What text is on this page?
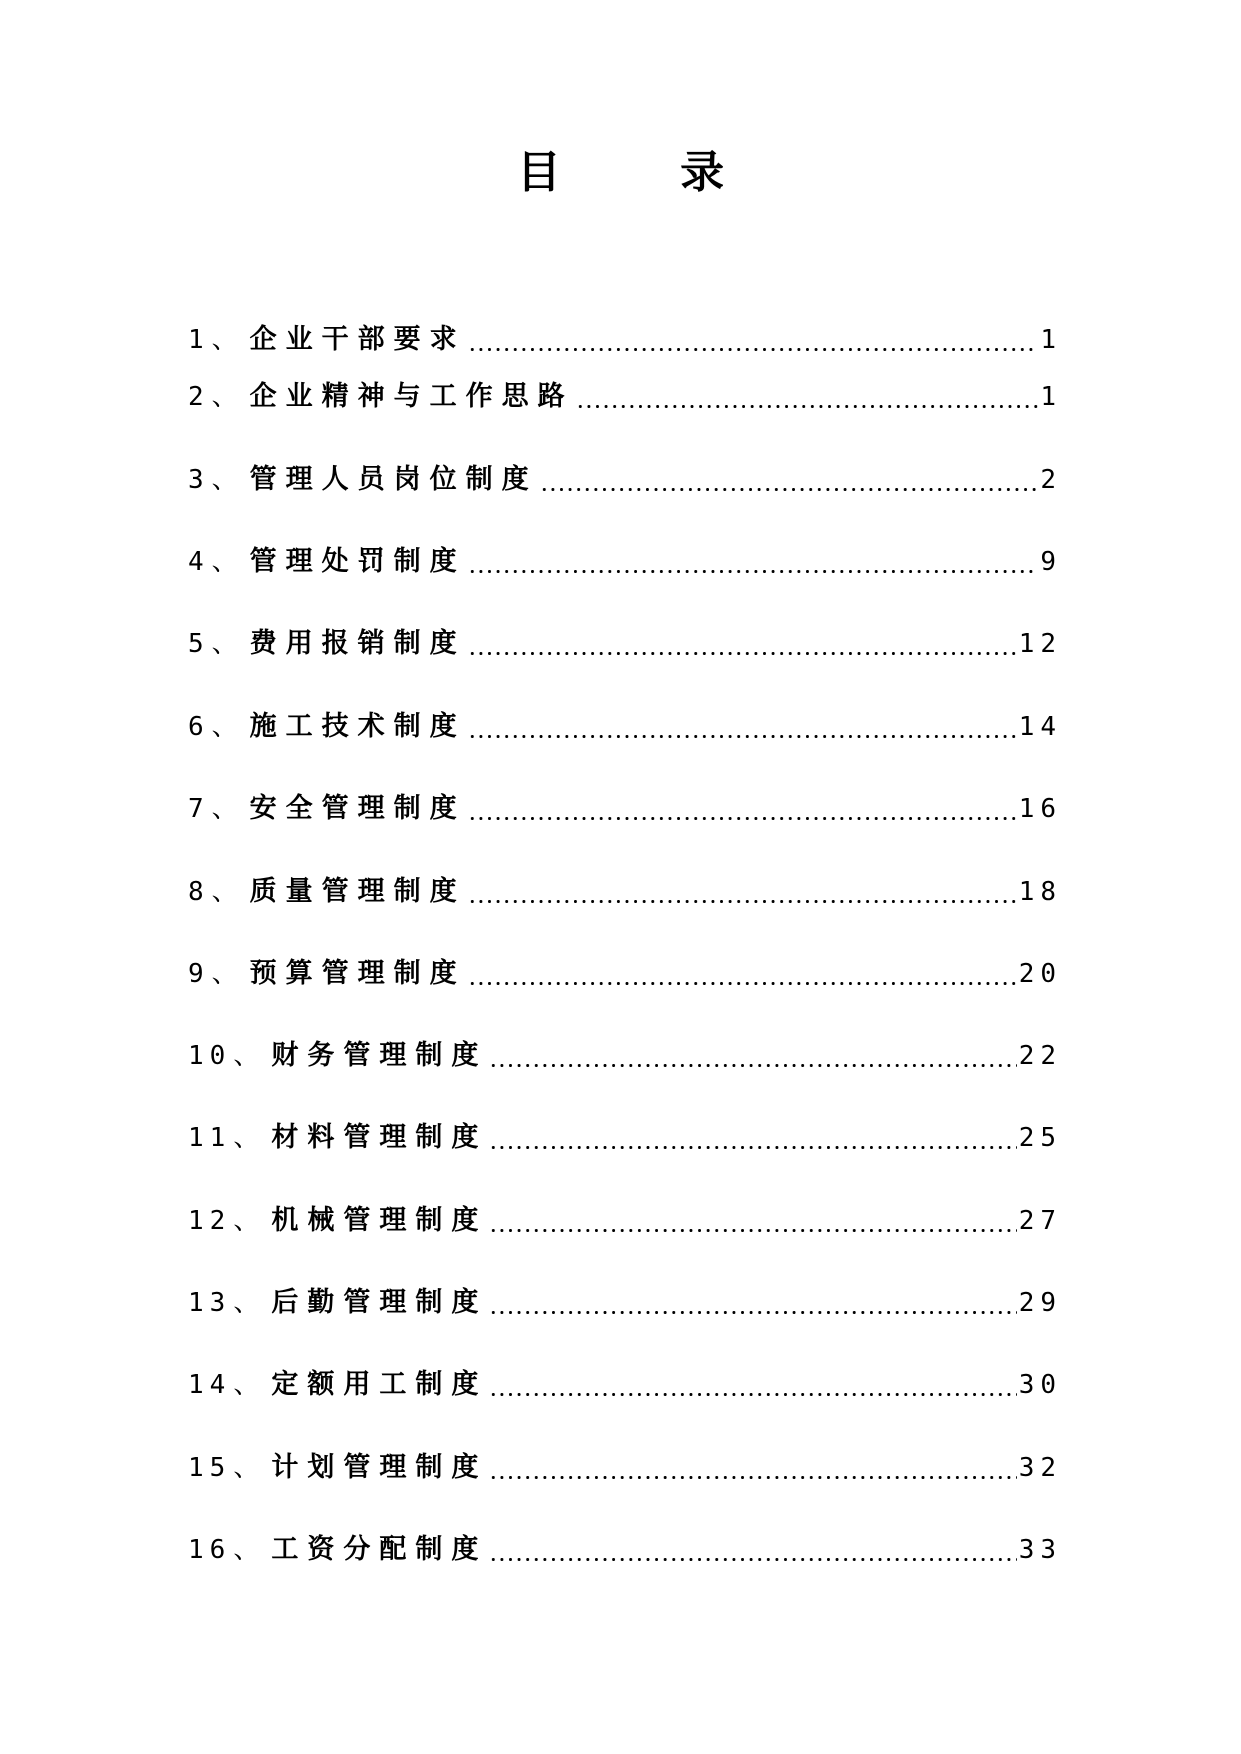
目 录
1 、 企业干部要求	1
2 、 企业精神与工作思路	1
3 、 管理人员岗位制度	2
4 、 管理处罚制度	9
5 、 费用报销制度	12
6 、 施工技术制度	14
7 、 安全管理制度	16
8 、 质量管理制度	18
9 、 预算管理制度	20
10 、 财务管理制度	22
11 、 材料管理制度	25
12 、 机械管理制度	27
13 、 后勤管理制度	29
14 、 定额用工制度	30
15 、 计划管理制度	32
16 、 工资分配制度	33
